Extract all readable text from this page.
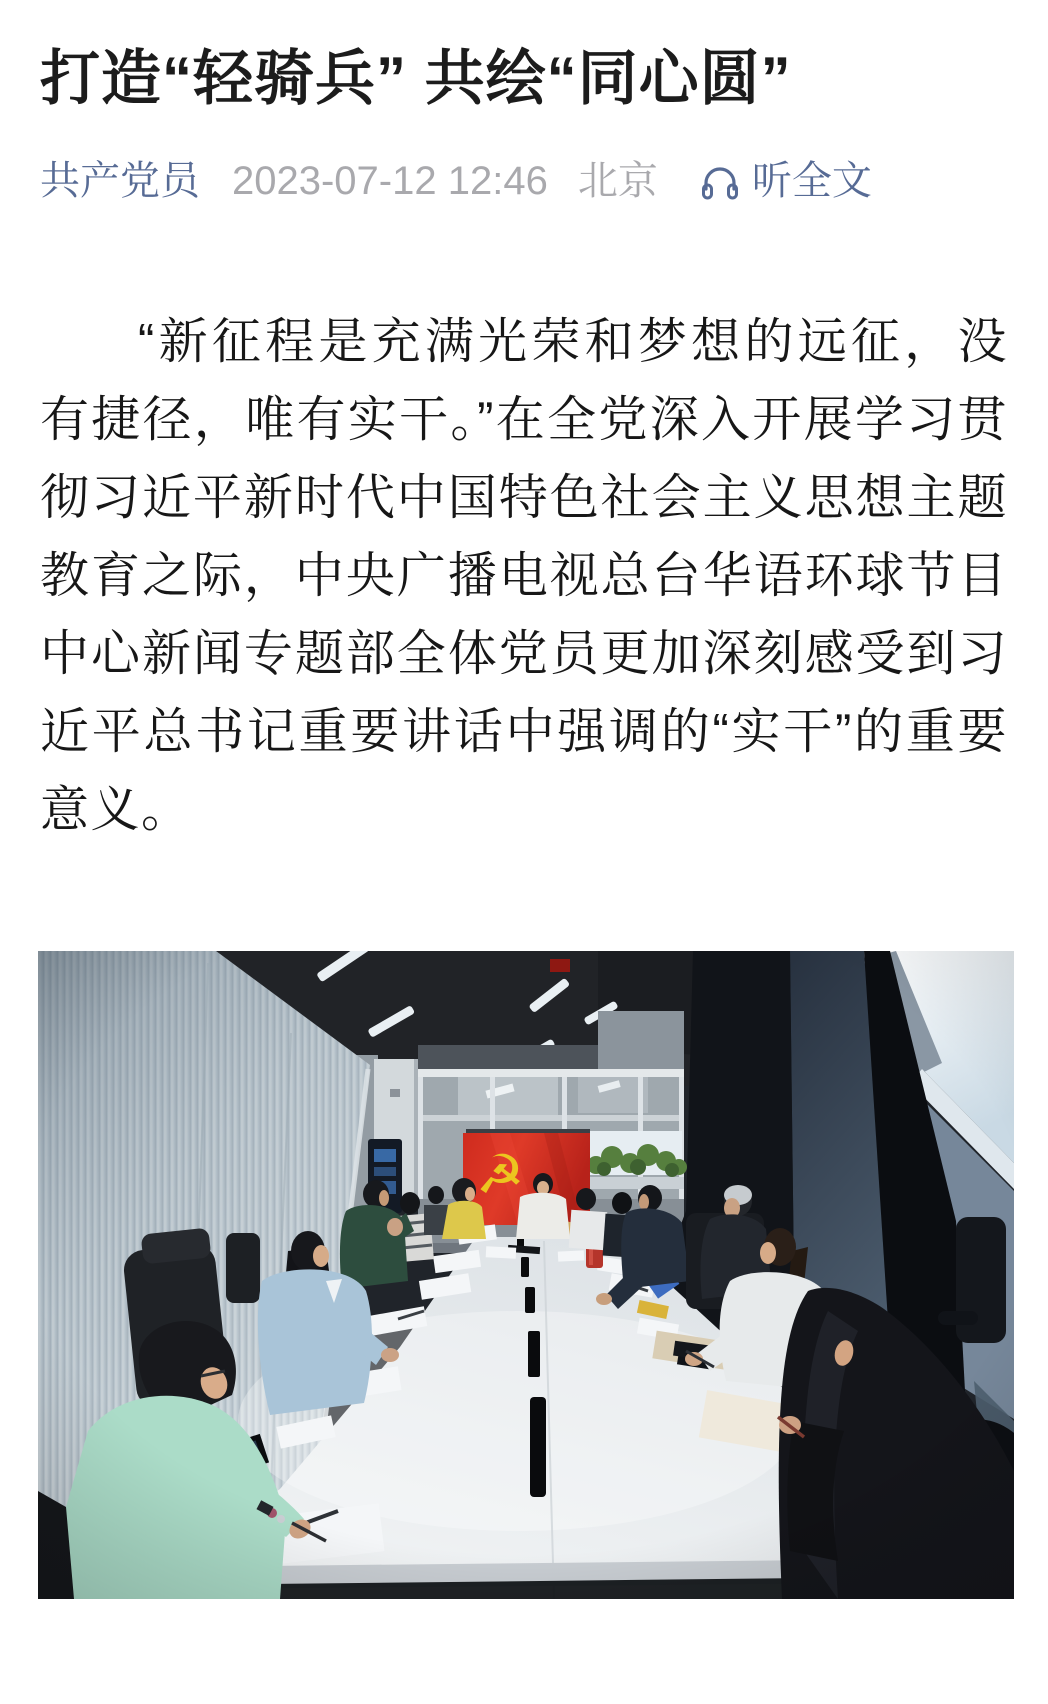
打造“轻骑兵” 共绘“同心圆”
共产党员 2023-07-12 12:46 北京 听全文
“新征程是充满光荣和梦想的远征，没有捷径，唯有实干。”在全党深入开展学习贯彻习近平新时代中国特色社会主义思想主题教育之际，中央广播电视总台华语环球节目中心新闻专题部全体党员更加深刻感受到习近平总书记重要讲话中强调的“实干”的重要意义。
